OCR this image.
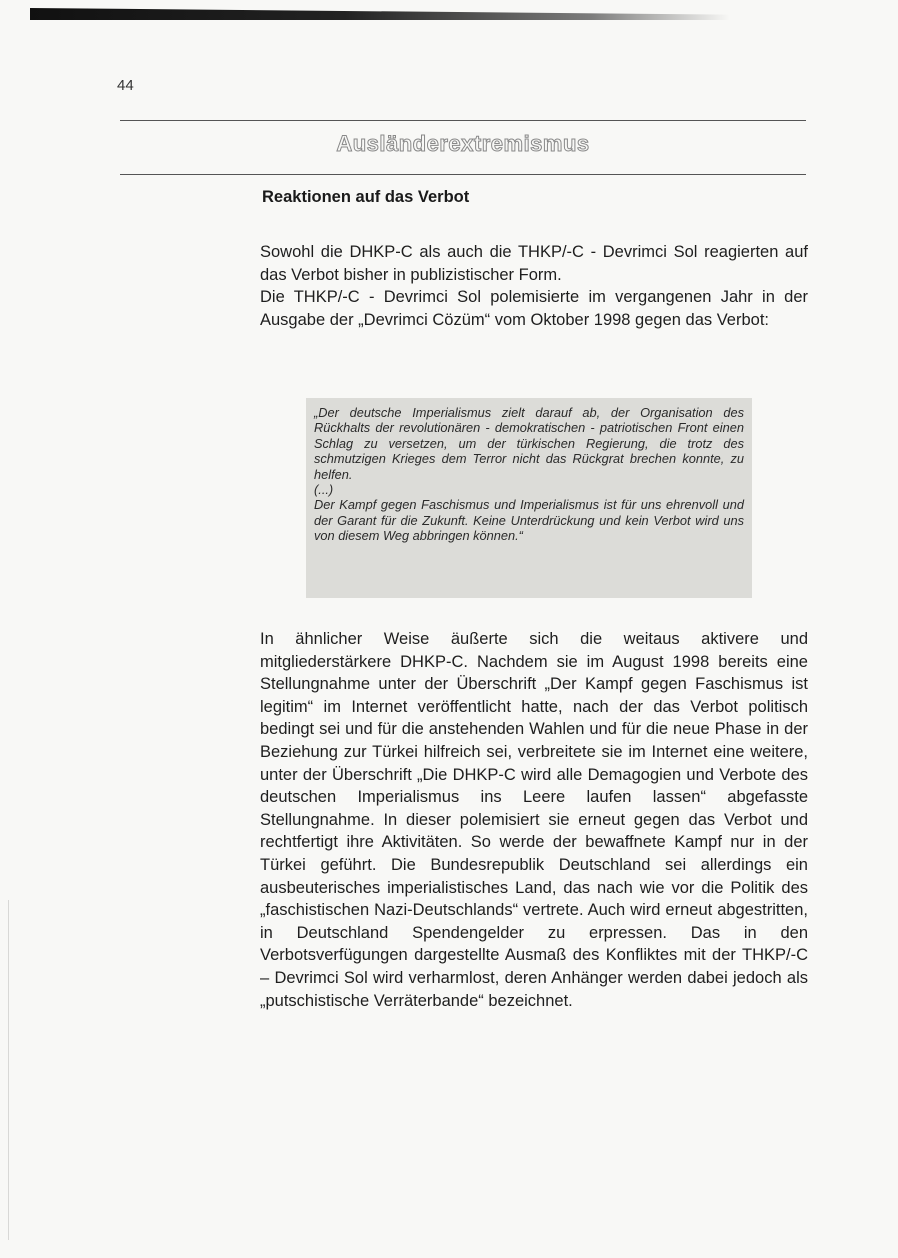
44
Ausländerextremismus
Reaktionen auf das Verbot

Sowohl die DHKP-C als auch die THKP/-C - Devrimci Sol reagierten auf das Verbot bisher in publizistischer Form.

Die THKP/-C - Devrimci Sol polemisierte im vergangenen Jahr in der Ausgabe der „Devrimci Cözüm“ vom Oktober 1998 gegen das Verbot:

„Der deutsche Imperialismus zielt darauf ab, der Organisation des Rückhalts der revolutionären - demokratischen - patriotischen Front einen Schlag zu versetzen, um der türkischen Regierung, die trotz des schmutzigen Krieges dem Terror nicht das Rückgrat brechen konnte, zu helfen.

(...)

Der Kampf gegen Faschismus und Imperialismus ist für uns ehrenvoll und der Garant für die Zukunft. Keine Unterdrückung und kein Verbot wird uns von diesem Weg abbringen können.“

In ähnlicher Weise äußerte sich die weitaus aktivere und mitgliederstärkere DHKP-C. Nachdem sie im August 1998 bereits eine Stellungnahme unter der Überschrift „Der Kampf gegen Faschismus ist legitim“ im Internet veröffentlicht hatte, nach der das Verbot politisch bedingt sei und für die anstehenden Wahlen und für die neue Phase in der Beziehung zur Türkei hilfreich sei, verbreitete sie im Internet eine weitere, unter der Überschrift „Die DHKP-C wird alle Demagogien und Verbote des deutschen Imperialismus ins Leere laufen lassen“ abgefasste Stellungnahme. In dieser polemisiert sie erneut gegen das Verbot und rechtfertigt ihre Aktivitäten. So werde der bewaffnete Kampf nur in der Türkei geführt. Die Bundesrepublik Deutschland sei allerdings ein ausbeuterisches imperialistisches Land, das nach wie vor die Politik des „faschistischen Nazi-Deutschlands“ vertrete. Auch wird erneut abgestritten, in Deutschland Spendengelder zu erpressen. Das in den Verbotsverfügungen dargestellte Ausmaß des Konfliktes mit der THKP/-C – Devrimci Sol wird verharmlost, deren Anhänger werden dabei jedoch als „putschistische Verräterbande“ bezeichnet.
